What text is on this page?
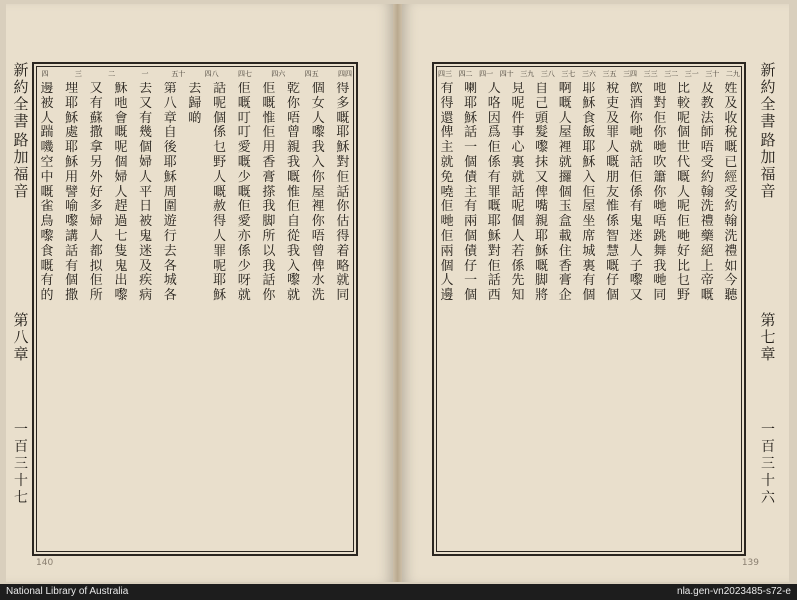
新約全書
路加福音
第八章
一百三十七
四四
四五
四六
四七
四八
五十
一
二
三
四
得多嘅耶穌對佢話你估得着略就同
個女人嚟我入你屋裡你唔曾俾水洗
乾你唔曾親我嘅惟佢自從我入嚟就
佢嘅惟佢用香膏搽我脚所以我話你
佢嘅叮叮愛嘅少嘅佢愛亦係少呀就
話呢個係乜野人嘅赦得人罪呢耶穌
去歸啲
第八章自後耶穌周圍遊行去各城各
去又有幾個婦人平日被鬼迷及疾病
穌吔會嘅呢個婦人趕過七隻鬼出嚟
又有蘇撒拿另外好多婦人都拟佢所
埋耶穌處耶穌用譬喻嚟講話有個撒
邊被人踹嘰空中嘅雀鳥嚟食嘅有的
140
二九
三十
三一
三二
三三
三四
三五
三六
三七
三八
三九
四十
四一
四二
四三
姓及收稅嘅已經受約翰洗禮如今聽
及教法師唔受約翰洗禮藥絕上帝嘅
比較呢個世代嘅人呢佢哋好比乜野
吔對佢你哋吹簫你哋唔跳舞我哋同
飲酒你哋就話佢係有鬼迷人子嚟又
稅吏及罪人嘅朋友惟係智慧嘅仔個
耶穌食飯耶穌入佢屋坐席城裏有個
啊嘅人屋裡就攞個玉盒載住香膏企
自己頭髮嚟抹又俾嘴親耶穌嘅脚將
見呢件事心裏就話呢個人若係先知
人咯因爲佢係有罪嘅耶穌對佢話西
喇耶穌話一個債主有兩個債仔一個
有得還俾主就免嘵佢哋佢兩個人邊
新約全書
路加福音
第七章
一百三十六
139
National Library of Australia	nla.gen-vn2023485-s72-e
